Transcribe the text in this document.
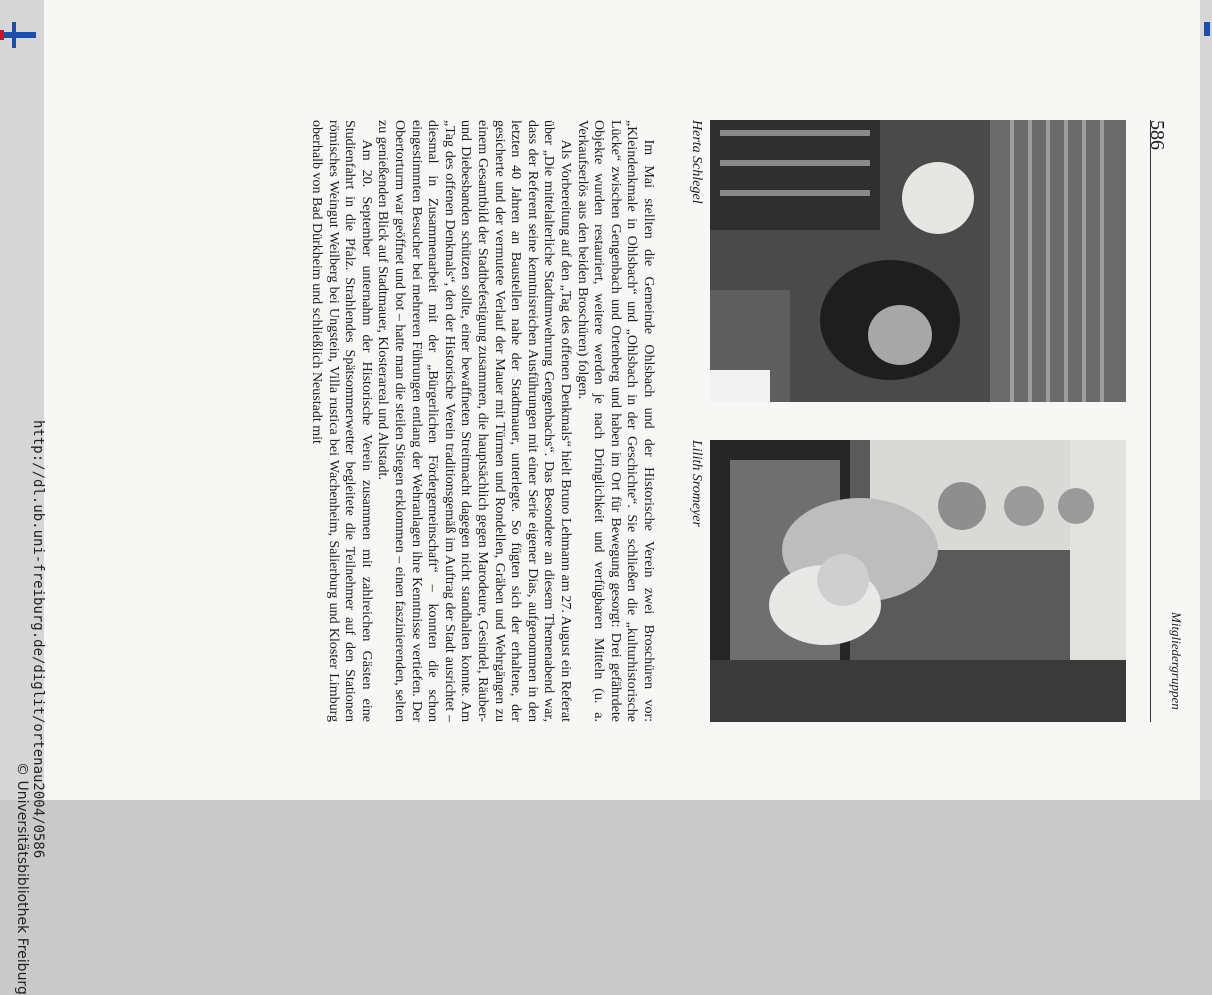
586
Mitgliedergruppen
Herta Schlegel
Lilith Sromeyer

Im Mai stellten die Gemeinde Ohlsbach und der Historische Verein zwei Broschüren vor: „Kleindenkmale in Ohlsbach“ und „Ohlsbach in der Geschichte“. Sie schließen die „kulturhistorische Lücke“ zwischen Gengenbach und Ortenberg und haben im Ort für Bewegung gesorgt: Drei gefährdete Objekte wurden restauriert, weitere werden je nach Dringlichkeit und verfügbaren Mitteln (u. a. Verkaufserlös aus den beiden Broschüren) folgen.

Als Vorbereitung auf den „Tag des offenen Denkmals“ hielt Bruno Lehmann am 27. August ein Referat über „Die mittelalterliche Stadtumwehrung Gengenbachs“. Das Besondere an diesem Themenabend war, dass der Referent seine kenntnisreichen Ausführungen mit einer Serie eigener Dias, aufgenommen in den letzten 40 Jahren an Baustellen nahe der Stadtmauer, unterlegte. So fügten sich der erhaltene, der gesicherte und der vermutete Verlauf der Mauer mit Türmen und Rondellen, Gräben und Wehrgängen zu einem Gesamtbild der Stadtbefestigung zusammen, die hauptsächlich gegen Marodeure, Gesindel, Räuber- und Diebesbanden schützen sollte, einer bewaffneten Streitmacht dagegen nicht standhalten konnte. Am „Tag des offenen Denkmals“, den der Historische Verein traditionsgemäß im Auftrag der Stadt ausrichtet – diesmal in Zusammenarbeit mit der „Bürgerlichen Fördergemeinschaft“ – konnten die schon eingestimmten Besucher bei mehreren Führungen entlang der Wehranlagen ihre Kenntnisse vertiefen. Der Obertorturm war geöffnet und bot – hatte man die steilen Stiegen erklommen – einen faszinierenden, selten zu genießenden Blick auf Stadtmauer, Klosterareal und Altstadt.

Am 20. September unternahm der Historische Verein zusammen mit zahlreichen Gästen eine Studienfahrt in die Pfalz. Strahlendes Spätsommerwetter begleitete die Teilnehmer auf den Stationen römisches Weingut Weilberg bei Ungstein, Villa rustica bei Wachenheim, Salierburg und Kloster Limburg oberhalb von Bad Dürkheim und schließlich Neustadt mit

http://dl.ub.uni-freiburg.de/diglit/ortenau2004/0586
© Universitätsbibliothek Freiburg
